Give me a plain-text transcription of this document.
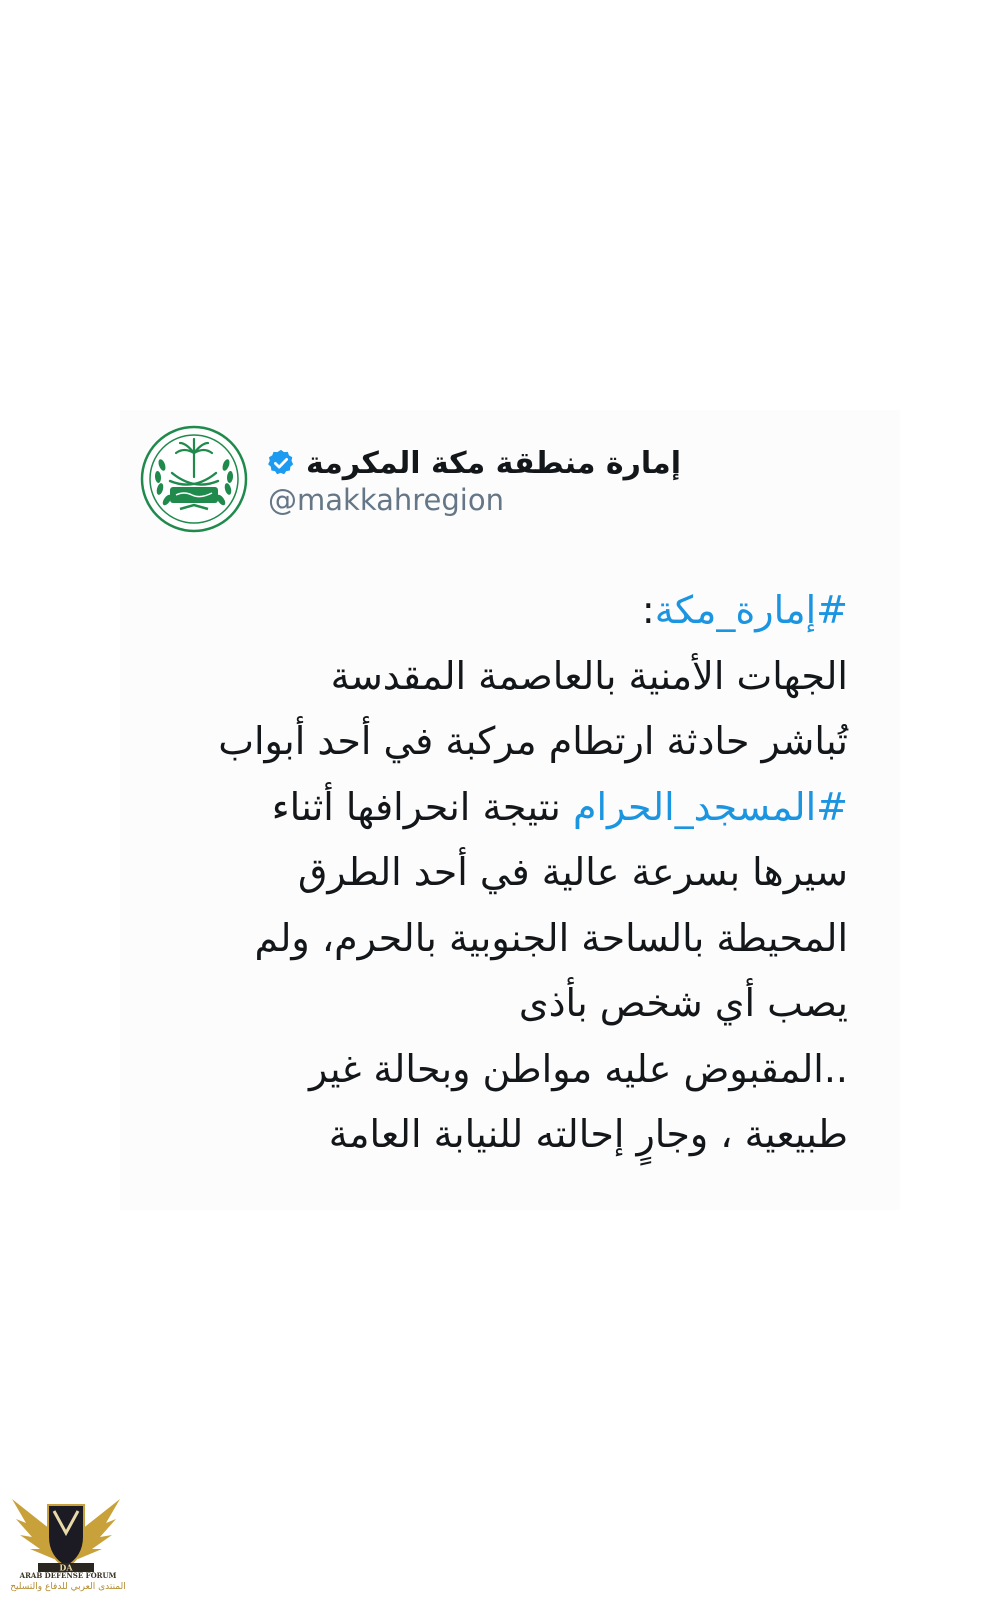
إمارة منطقة مكة المكرمة
@makkahregion
#إمارة_مكة:
الجهات الأمنية بالعاصمة المقدسة
تُباشر حادثة ارتطام مركبة في أحد أبواب
#المسجد_الحرام نتيجة انحرافها أثناء
سيرها بسرعة عالية في أحد الطرق
المحيطة بالساحة الجنوبية بالحرم، ولم
يصب أي شخص بأذى
..المقبوض عليه مواطن وبحالة غير
طبيعية ، وجارٍ إحالته للنيابة العامة
DA
ARAB DEFENSE FORUM
المنتدى العربي للدفاع والتسليح
